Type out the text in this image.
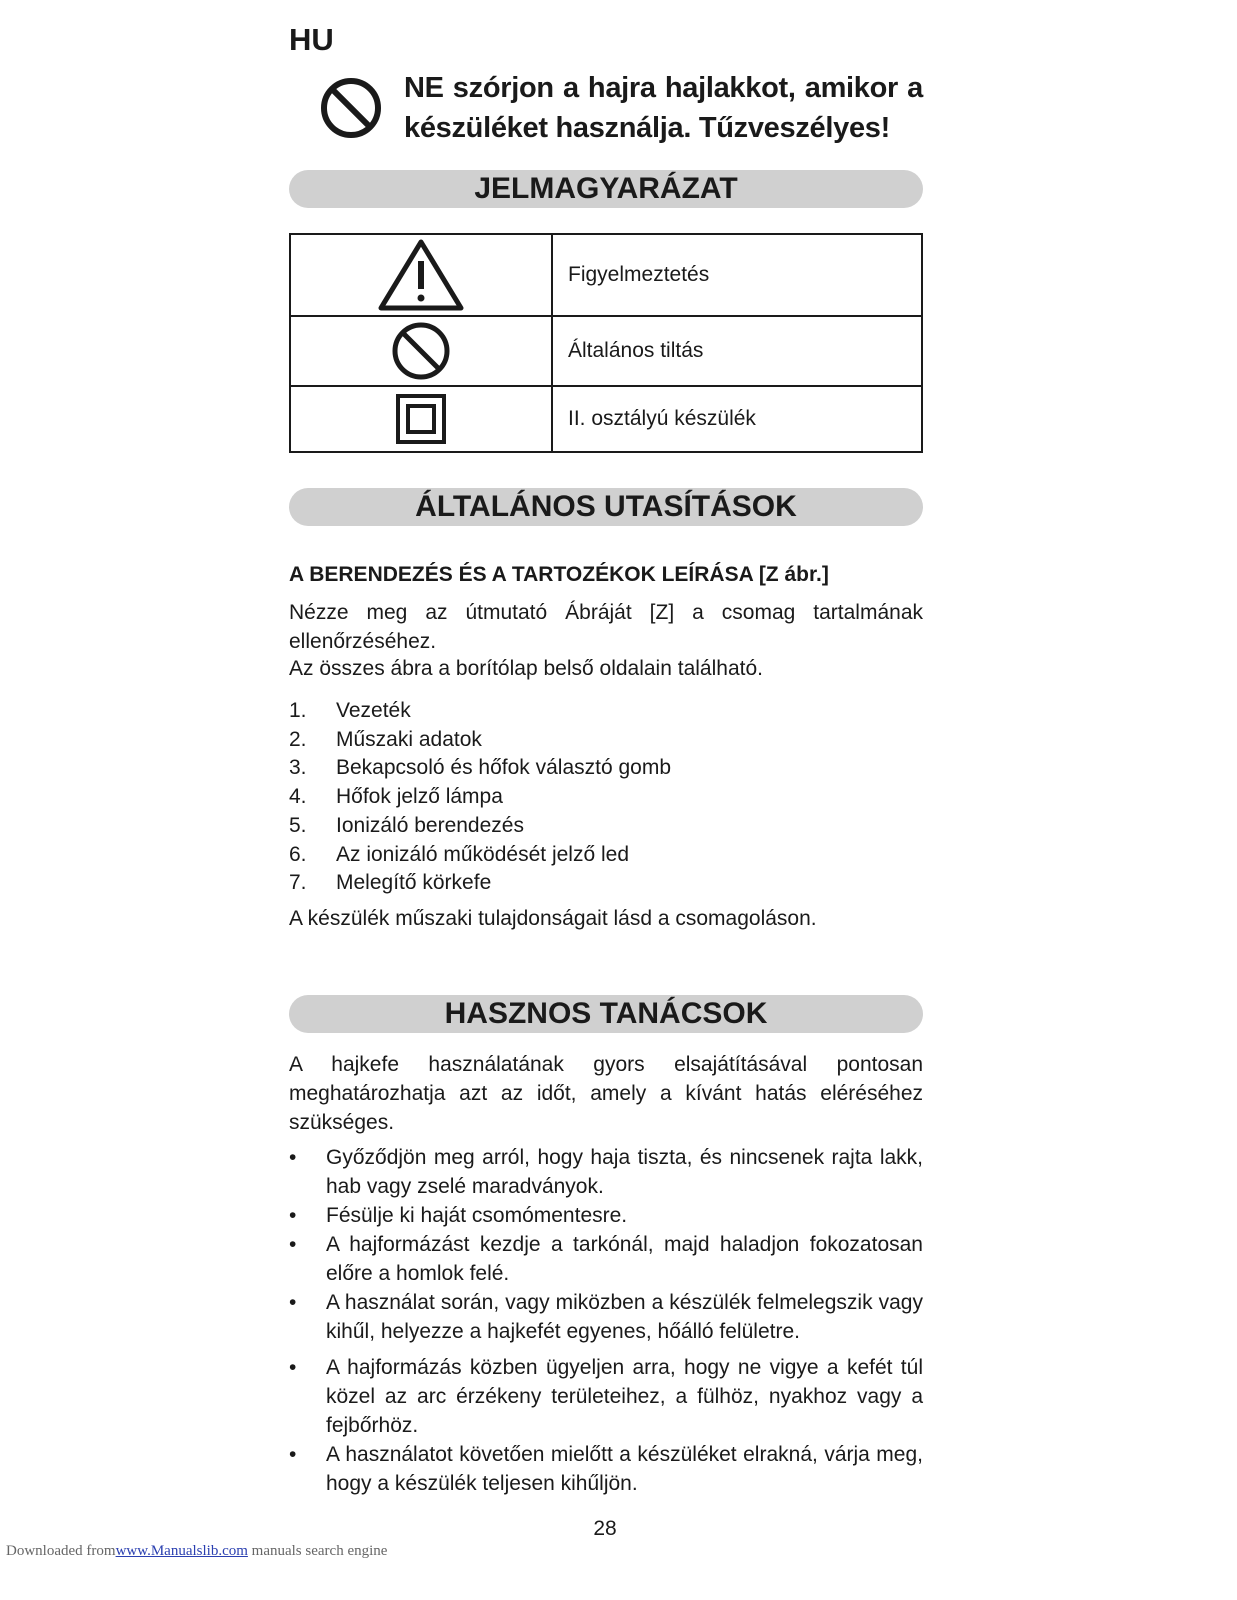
HU
NE szórjon a hajra hajlakkot, amikor a készüléket használja. Tűzveszélyes!
JELMAGYARÁZAT
	Figyelmeztetés

	Általános tiltás

	II. osztályú készülék
ÁLTALÁNOS UTASÍTÁSOK
A BERENDEZÉS ÉS A TARTOZÉKOK LEÍRÁSA [Z ábr.]
Nézze meg az útmutató Ábráját [Z] a csomag tartalmának ellenőrzéséhez.
Az összes ábra a borítólap belső oldalain található.
1. Vezeték
2. Műszaki adatok
3. Bekapcsoló és hőfok választó gomb
4. Hőfok jelző lámpa
5. Ionizáló berendezés
6. Az ionizáló működését jelző led
7. Melegítő körkefe
A készülék műszaki tulajdonságait lásd a csomagoláson.
HASZNOS TANÁCSOK
A hajkefe használatának gyors elsajátításával pontosan meghatározhatja azt az időt, amely a kívánt hatás eléréséhez szükséges.
• Győződjön meg arról, hogy haja tiszta, és nincsenek rajta lakk, hab vagy zselé maradványok.
• Fésülje ki haját csomómentesre.
• A hajformázást kezdje a tarkónál, majd haladjon fokozatosan előre a homlok felé.
• A használat során, vagy miközben a készülék felmelegszik vagy kihűl, helyezze a hajkefét egyenes, hőálló felületre.
• A hajformázás közben ügyeljen arra, hogy ne vigye a kefét túl közel az arc érzékeny területeihez, a fülhöz, nyakhoz vagy a fejbőrhöz.
• A használatot követően mielőtt a készüléket elrakná, várja meg, hogy a készülék teljesen kihűljön.
28
Downloaded fromwww.Manualslib.com manuals search engine
